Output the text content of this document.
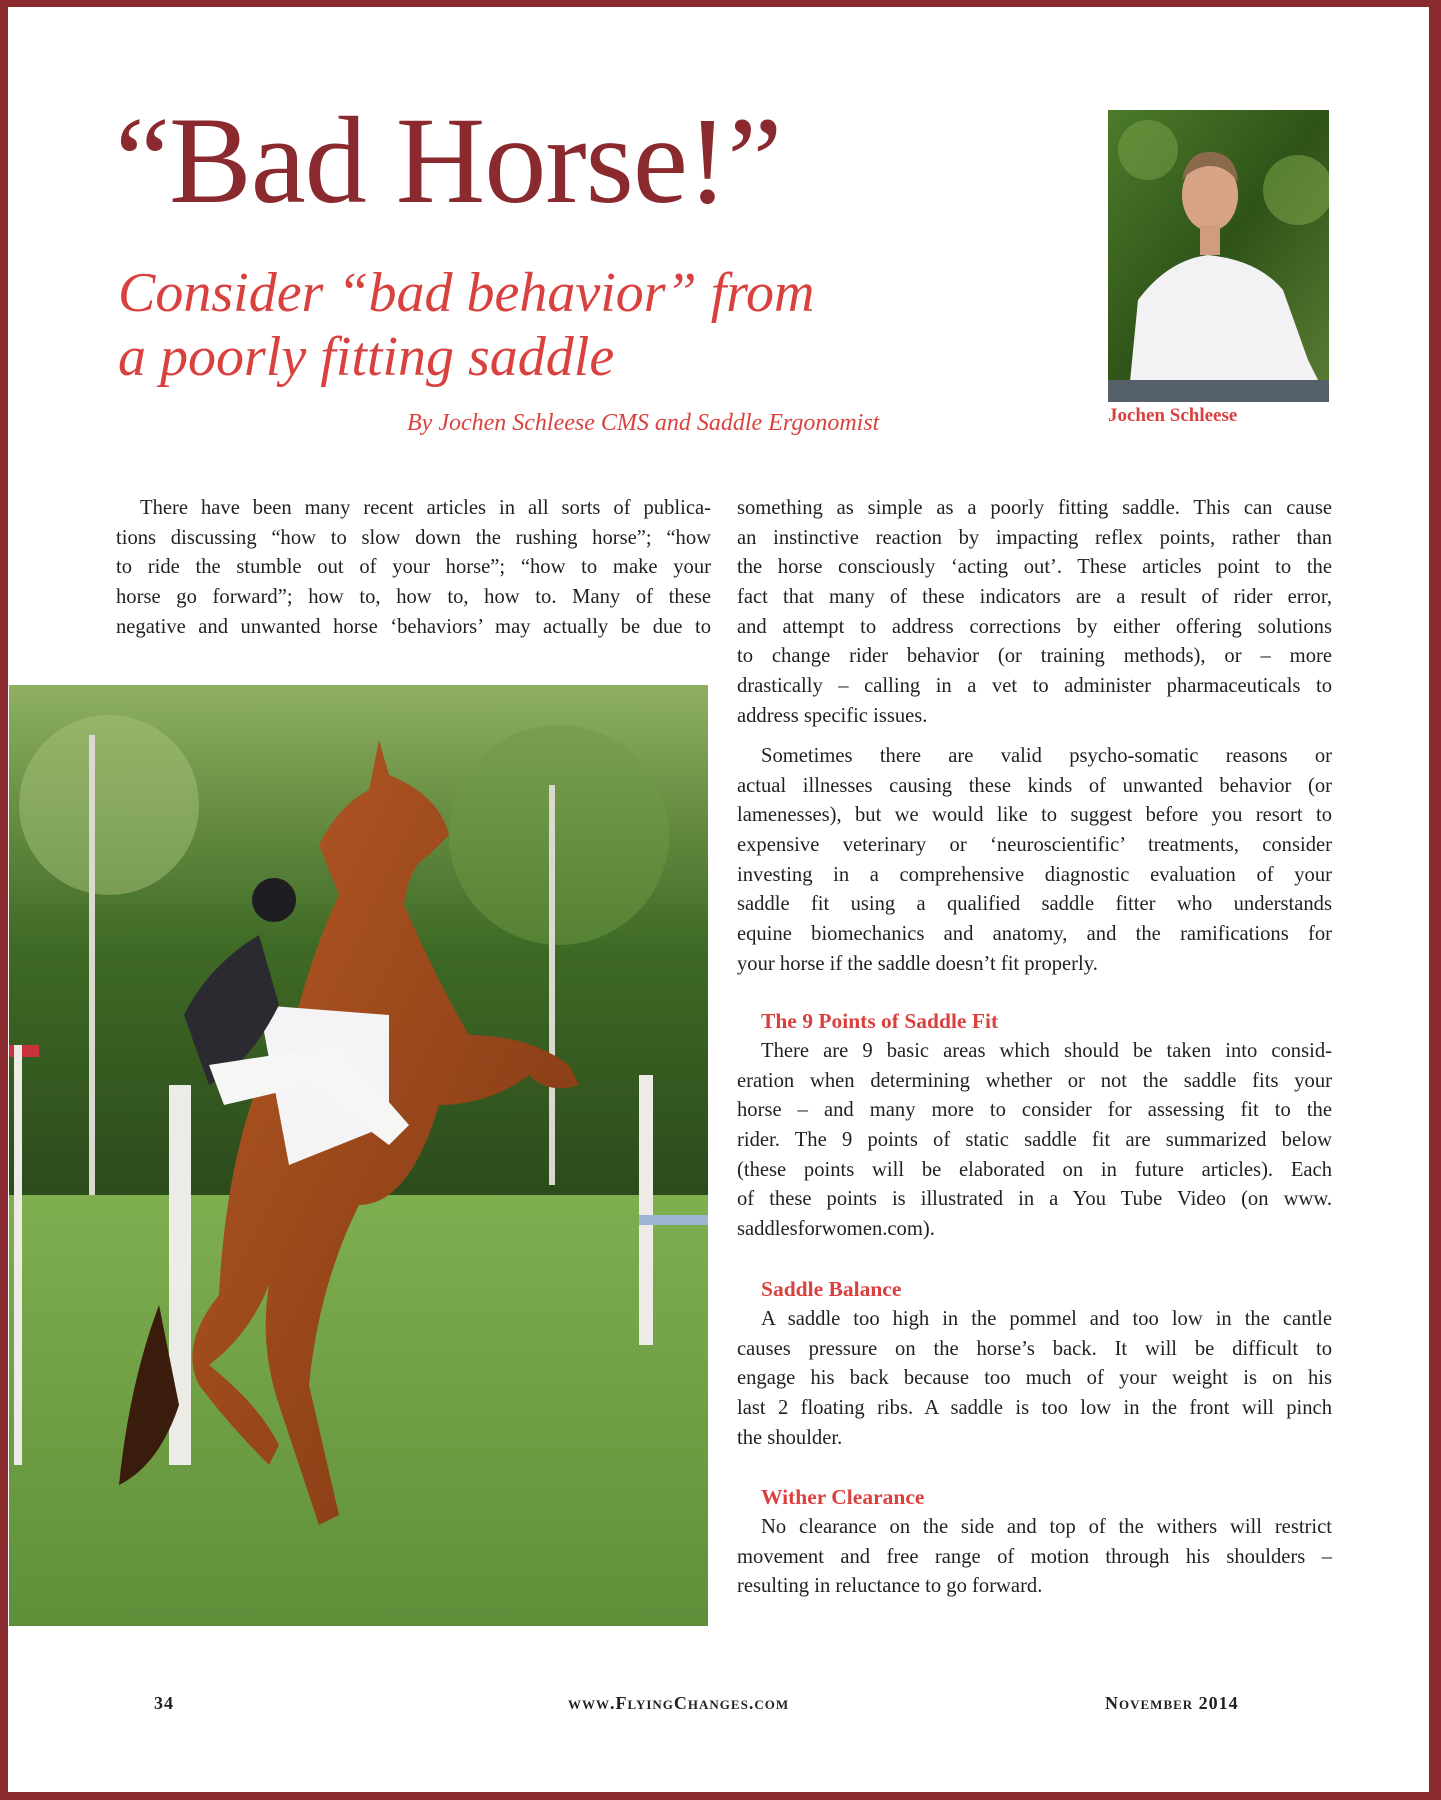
“Bad Horse!”
Consider “bad behavior” from
a poorly fitting saddle
By Jochen Schleese CMS and Saddle Ergonomist	Jochen Schleese
There have been many recent articles in all sorts of publica-
tions discussing “how to slow down the rushing horse”; “how
to ride the stumble out of your horse”; “how to make your
horse go forward”; how to, how to, how to. Many of these
negative and unwanted horse ‘behaviors’ may actually be due to
something as simple as a poorly fitting saddle. This can cause
an instinctive reaction by impacting reflex points, rather than
the horse consciously ‘acting out’. These articles point to the
fact that many of these indicators are a result of rider error,
and attempt to address corrections by either offering solutions
to change rider behavior (or training methods), or – more
drastically – calling in a vet to administer pharmaceuticals to
address specific issues.
Sometimes there are valid psycho-somatic reasons or
actual illnesses causing these kinds of unwanted behavior (or
lamenesses), but we would like to suggest before you resort to
expensive veterinary or ‘neuroscientific’ treatments, consider
investing in a comprehensive diagnostic evaluation of your
saddle fit using a qualified saddle fitter who understands
equine biomechanics and anatomy, and the ramifications for
your horse if the saddle doesn’t fit properly.
The 9 Points of Saddle Fit
There are 9 basic areas which should be taken into consid-
eration when determining whether or not the saddle fits your
horse – and many more to consider for assessing fit to the
rider. The 9 points of static saddle fit are summarized below
(these points will be elaborated on in future articles). Each
of these points is illustrated in a You Tube Video (on www.
saddlesforwomen.com).
Saddle Balance
A saddle too high in the pommel and too low in the cantle
causes pressure on the horse’s back. It will be difficult to
engage his back because too much of your weight is on his
last 2 floating ribs. A saddle is too low in the front will pinch
the shoulder.
Wither Clearance
No clearance on the side and top of the withers will restrict
movement and free range of motion through his shoulders –
resulting in reluctance to go forward.
34	www.FlyingChanges.com	November 2014
